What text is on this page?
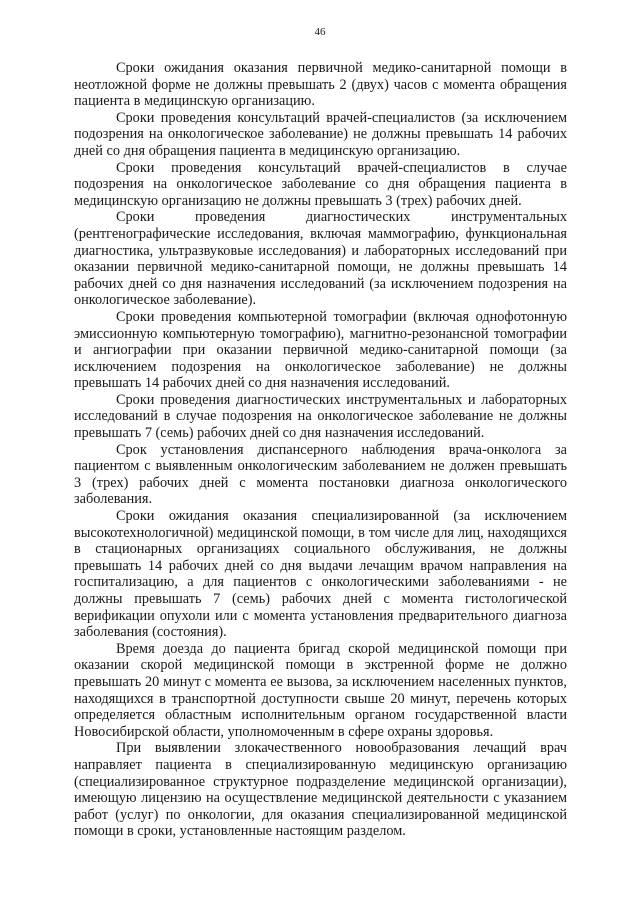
46

Сроки ожидания оказания первичной медико-санитарной помощи в неотложной форме не должны превышать 2 (двух) часов с момента обращения пациента в медицинскую организацию.

Сроки проведения консультаций врачей-специалистов (за исключением подозрения на онкологическое заболевание) не должны превышать 14 рабочих дней со дня обращения пациента в медицинскую организацию.

Сроки проведения консультаций врачей-специалистов в случае подозрения на онкологическое заболевание со дня обращения пациента в медицинскую организацию не должны превышать 3 (трех) рабочих дней.

Сроки проведения диагностических инструментальных (рентгенографические исследования, включая маммографию, функциональная диагностика, ультразвуковые исследования) и лабораторных исследований при оказании первичной медико-санитарной помощи, не должны превышать 14 рабочих дней со дня назначения исследований (за исключением подозрения на онкологическое заболевание).

Сроки проведения компьютерной томографии (включая однофотонную эмиссионную компьютерную томографию), магнитно-резонансной томографии и ангиографии при оказании первичной медико-санитарной помощи (за исключением подозрения на онкологическое заболевание) не должны превышать 14 рабочих дней со дня назначения исследований.

Сроки проведения диагностических инструментальных и лабораторных исследований в случае подозрения на онкологическое заболевание не должны превышать 7 (семь) рабочих дней со дня назначения исследований.

Срок установления диспансерного наблюдения врача-онколога за пациентом с выявленным онкологическим заболеванием не должен превышать 3 (трех) рабочих дней с момента постановки диагноза онкологического заболевания.

Сроки ожидания оказания специализированной (за исключением высокотехнологичной) медицинской помощи, в том числе для лиц, находящихся в стационарных организациях социального обслуживания, не должны превышать 14 рабочих дней со дня выдачи лечащим врачом направления на госпитализацию, а для пациентов с онкологическими заболеваниями - не должны превышать 7 (семь) рабочих дней с момента гистологической верификации опухоли или с момента установления предварительного диагноза заболевания (состояния).

Время доезда до пациента бригад скорой медицинской помощи при оказании скорой медицинской помощи в экстренной форме не должно превышать 20 минут с момента ее вызова, за исключением населенных пунктов, находящихся в транспортной доступности свыше 20 минут, перечень которых определяется областным исполнительным органом государственной власти Новосибирской области, уполномоченным в сфере охраны здоровья.

При выявлении злокачественного новообразования лечащий врач направляет пациента в специализированную медицинскую организацию (специализированное структурное подразделение медицинской организации), имеющую лицензию на осуществление медицинской деятельности с указанием работ (услуг) по онкологии, для оказания специализированной медицинской помощи в сроки, установленные настоящим разделом.
